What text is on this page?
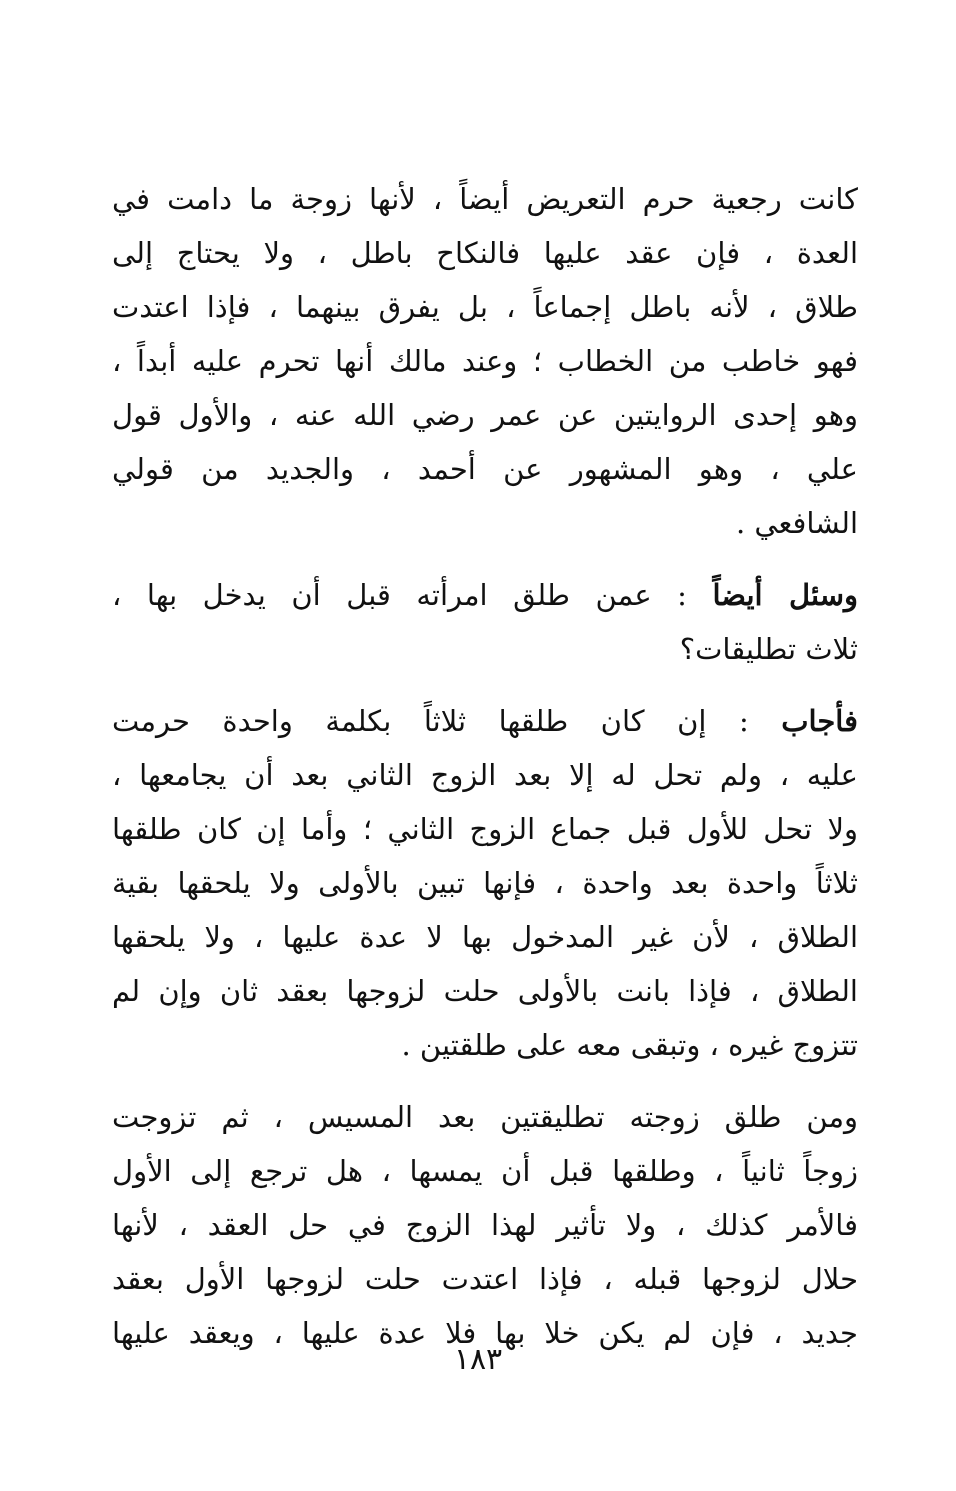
كانت رجعية حرم التعريض أيضاً ، لأنها زوجة ما دامت في
العدة ، فإن عقد عليها فالنكاح باطل ، ولا يحتاج إلى
طلاق ، لأنه باطل إجماعاً ، بل يفرق بينهما ، فإذا اعتدت
فهو خاطب من الخطاب ؛ وعند مالك أنها تحرم عليه أبداً ،
وهو إحدى الروايتين عن عمر رضي الله عنه ، والأول قول
علي ، وهو المشهور عن أحمد ، والجديد من قولي
الشافعي .

وسئل أيضاً : عمن طلق امرأته قبل أن يدخل بها ،
ثلاث تطليقات؟

فأجاب : إن كان طلقها ثلاثاً بكلمة واحدة حرمت
عليه ، ولم تحل له إلا بعد الزوج الثاني بعد أن يجامعها ،
ولا تحل للأول قبل جماع الزوج الثاني ؛ وأما إن كان طلقها
ثلاثاً واحدة بعد واحدة ، فإنها تبين بالأولى ولا يلحقها بقية
الطلاق ، لأن غير المدخول بها لا عدة عليها ، ولا يلحقها
الطلاق ، فإذا بانت بالأولى حلت لزوجها بعقد ثان وإن لم
تتزوج غيره ، وتبقى معه على طلقتين .

ومن طلق زوجته تطليقتين بعد المسيس ، ثم تزوجت
زوجاً ثانياً ، وطلقها قبل أن يمسها ، هل ترجع إلى الأول
فالأمر كذلك ، ولا تأثير لهذا الزوج في حل العقد ، لأنها
حلال لزوجها قبله ، فإذا اعتدت حلت لزوجها الأول بعقد
جديد ، فإن لم يكن خلا بها فلا عدة عليها ، ويعقد عليها

١٨٣
